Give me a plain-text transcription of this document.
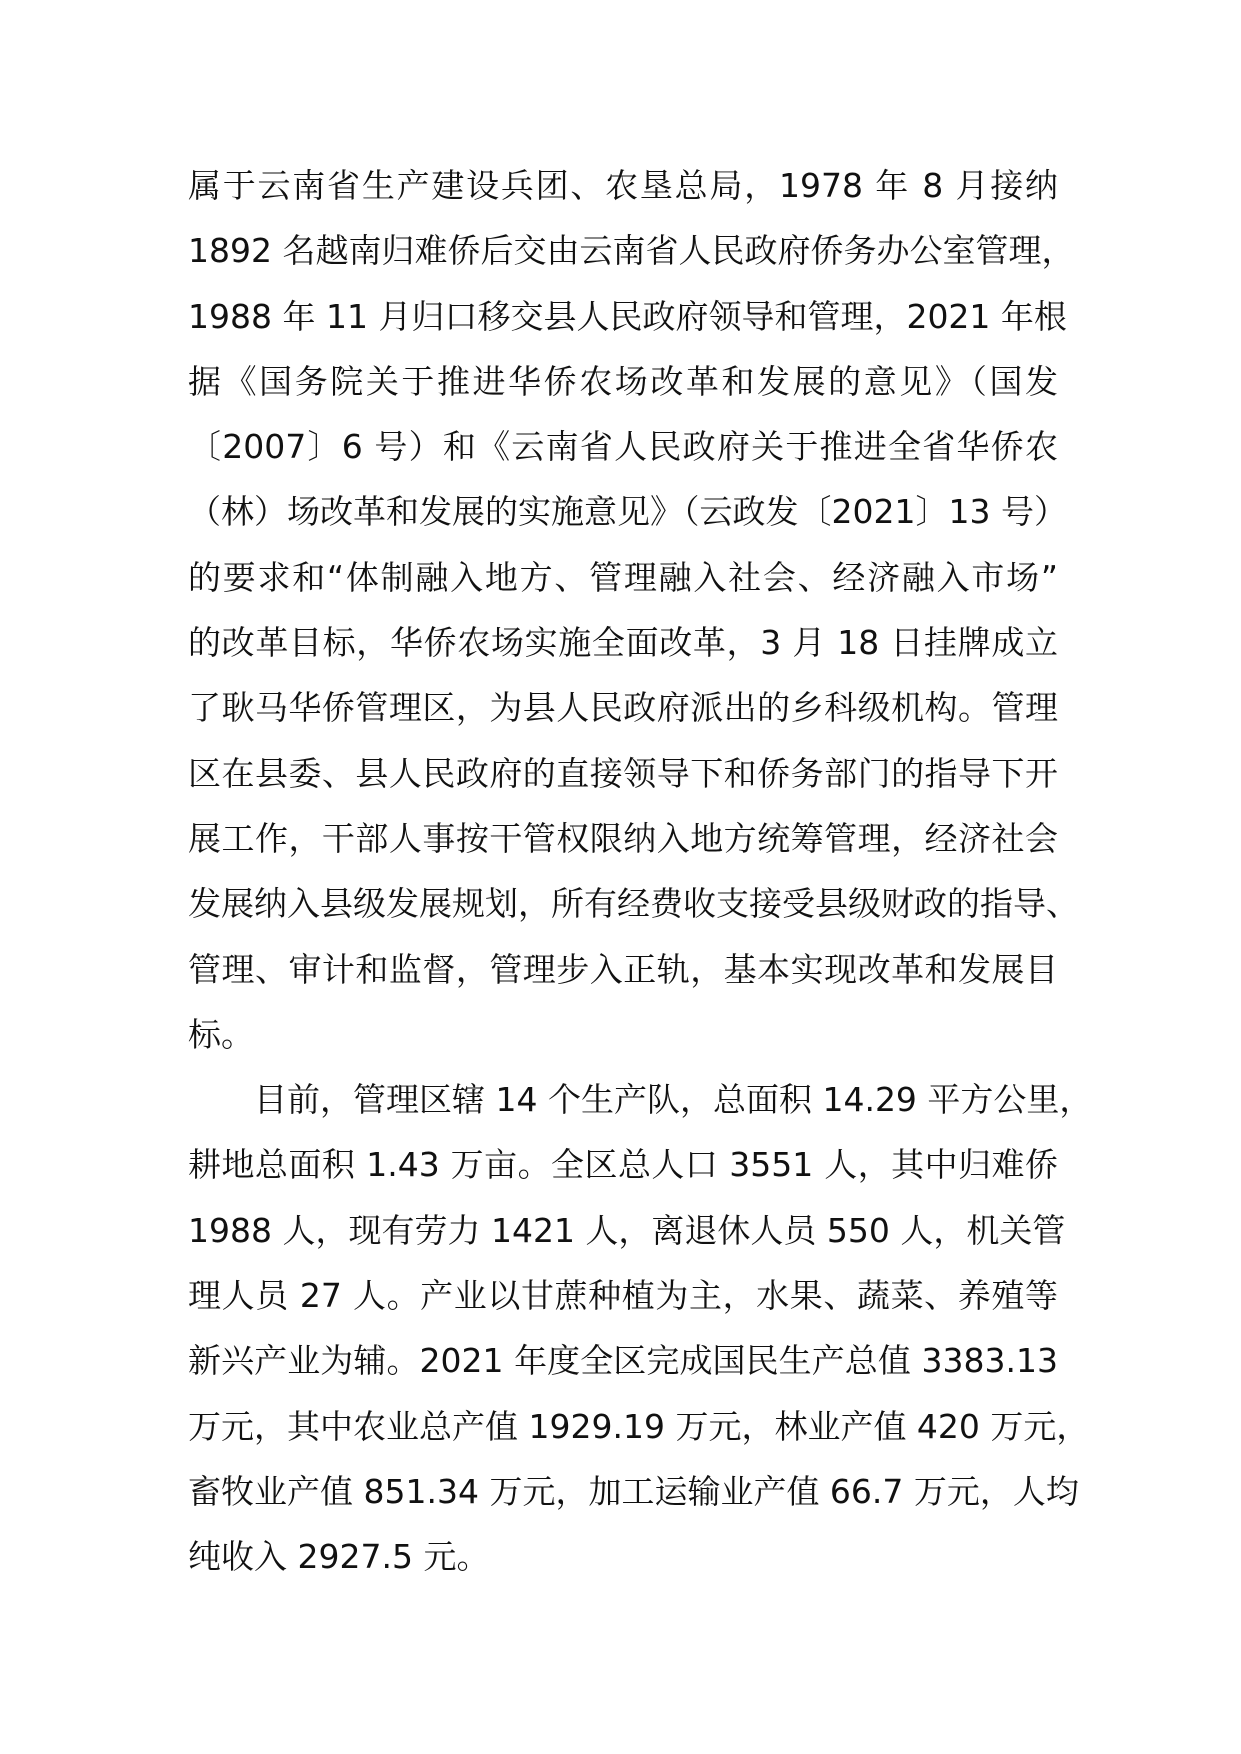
属于云南省生产建设兵团、农垦总局，1978 年 8 月接纳
1892 名越南归难侨后交由云南省人民政府侨务办公室管理，
1988 年 11 月归口移交县人民政府领导和管理，2021 年根
据《国务院关于推进华侨农场改革和发展的意见》（国发
〔2007〕6 号）和《云南省人民政府关于推进全省华侨农
（林）场改革和发展的实施意见》（云政发〔2021〕13 号）
的要求和“体制融入地方、管理融入社会、经济融入市场”
的改革目标，华侨农场实施全面改革，3 月 18 日挂牌成立
了耿马华侨管理区，为县人民政府派出的乡科级机构。管理
区在县委、县人民政府的直接领导下和侨务部门的指导下开
展工作，干部人事按干管权限纳入地方统筹管理，经济社会
发展纳入县级发展规划，所有经费收支接受县级财政的指导、
管理、审计和监督，管理步入正轨，基本实现改革和发展目
标。
目前，管理区辖 14 个生产队，总面积 14.29 平方公里，
耕地总面积 1.43 万亩。全区总人口 3551 人，其中归难侨
1988 人，现有劳力 1421 人，离退休人员 550 人，机关管
理人员 27 人。产业以甘蔗种植为主，水果、蔬菜、养殖等
新兴产业为辅。2021 年度全区完成国民生产总值 3383.13
万元，其中农业总产值 1929.19 万元，林业产值 420 万元，
畜牧业产值 851.34 万元，加工运输业产值 66.7 万元，人均
纯收入 2927.5 元。
